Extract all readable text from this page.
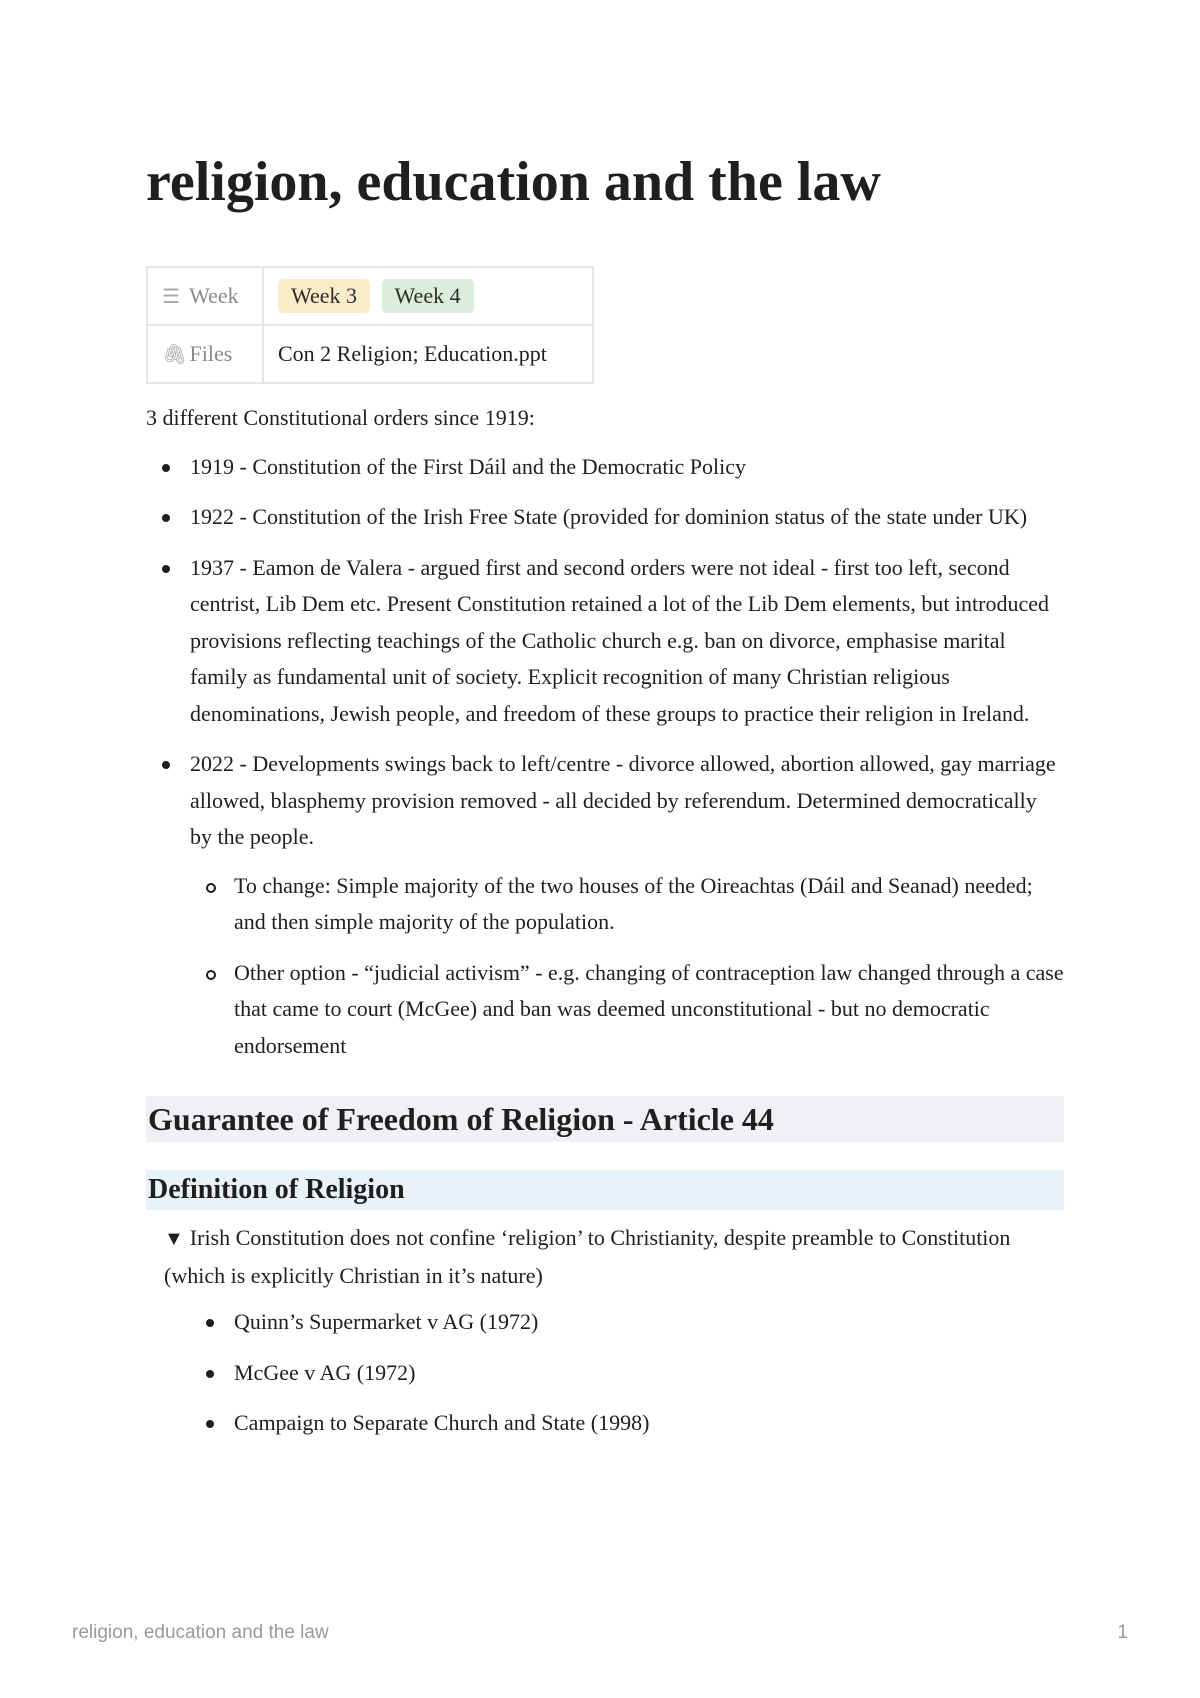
religion, education and the law
☰ Week	Week 3 Week 4
🖇 Files	Con 2 Religion; Education.ppt

3 different Constitutional orders since 1919:

1919 - Constitution of the First Dáil and the Democratic Policy
1922 - Constitution of the Irish Free State (provided for dominion status of the state under UK)
1937 - Eamon de Valera - argued first and second orders were not ideal - first too left, second centrist, Lib Dem etc. Present Constitution retained a lot of the Lib Dem elements, but introduced provisions reflecting teachings of the Catholic church e.g. ban on divorce, emphasise marital family as fundamental unit of society. Explicit recognition of many Christian religious denominations, Jewish people, and freedom of these groups to practice their religion in Ireland.
2022 - Developments swings back to left/centre - divorce allowed, abortion allowed, gay marriage allowed, blasphemy provision removed - all decided by referendum. Determined democratically by the people.
To change: Simple majority of the two houses of the Oireachtas (Dáil and Seanad) needed; and then simple majority of the population.
Other option - “judicial activism” - e.g. changing of contraception law changed through a case that came to court (McGee) and ban was deemed unconstitutional - but no democratic endorsement
Guarantee of Freedom of Religion - Article 44
Definition of Religion
▼ Irish Constitution does not confine ‘religion’ to Christianity, despite preamble to Constitution (which is explicitly Christian in it’s nature)
Quinn’s Supermarket v AG (1972)
McGee v AG (1972)
Campaign to Separate Church and State (1998)
religion, education and the law	1
